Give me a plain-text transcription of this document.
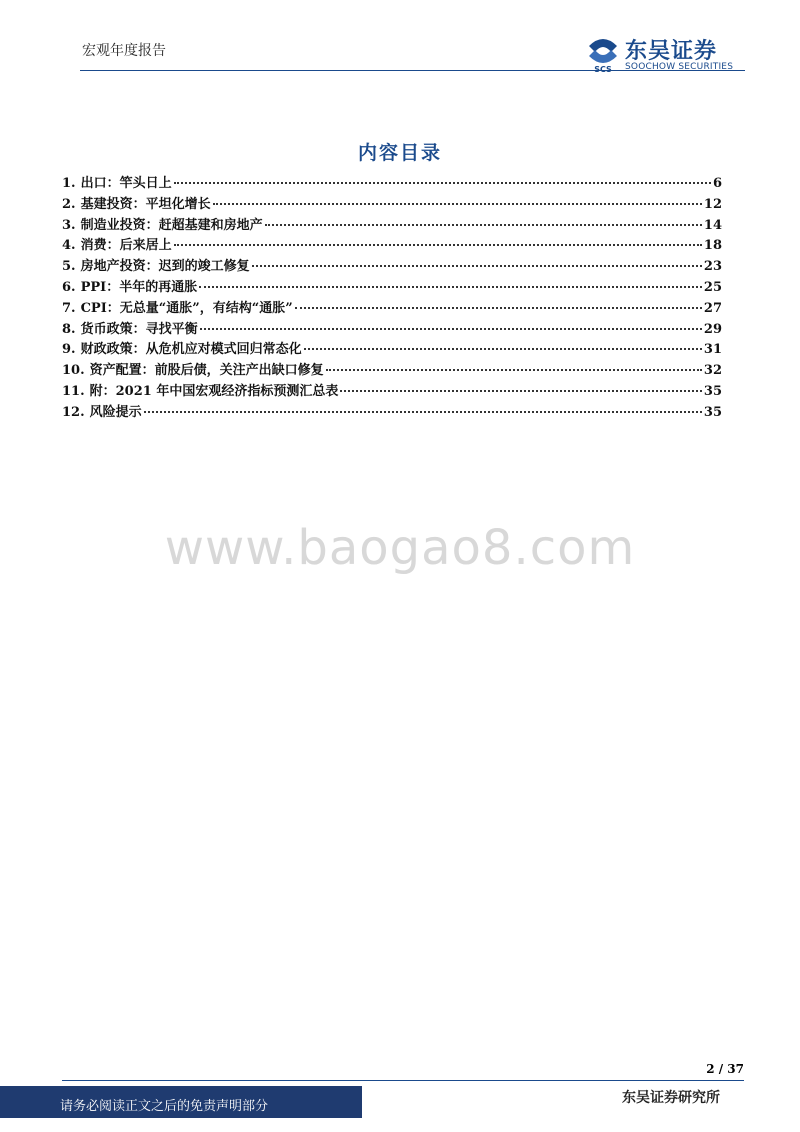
宏观年度报告
SCS
东吴证券
SOOCHOW SECURITIES
内容目录
1. 出口：竿头日上	6
2. 基建投资：平坦化增长	12
3. 制造业投资：赶超基建和房地产	14
4. 消费：后来居上	18
5. 房地产投资：迟到的竣工修复	23
6. PPI：半年的再通胀	25
7. CPI：无总量“通胀”，有结构“通胀”	27
8. 货币政策：寻找平衡	29
9. 财政政策：从危机应对模式回归常态化	31
10. 资产配置：前股后债，关注产出缺口修复	32
11. 附：2021 年中国宏观经济指标预测汇总表	35
12. 风险提示	35
www.baogao8.com
2 / 37
请务必阅读正文之后的免责声明部分
东吴证券研究所
